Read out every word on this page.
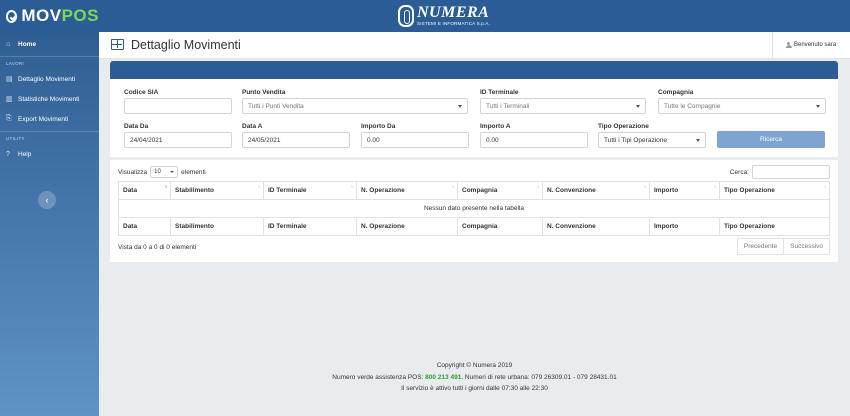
MOV POS	NUMERA
SISTEMI E INFORMATICA S.p.A.
⌂	Home
LAVORI
▤ Dettaglio Movimenti
▥ Statistiche Movimenti
⎘ Export Movimenti
UTILITY
?	Help
‹
Dettaglio Movimenti	Benvenuto sara
Codice SIA	Punto Vendita
Tutti i Punti Vendita
ID Terminale
Tutti i Terminali
Compagnia
Tutte le Compagnie
Data Da
24/04/2021
Data A
24/05/2021
Importo Da
0.00
Importo A
0.00
Tipo Operazione
Tutti i Tipi Operazione	Ricerca
Visualizza 10	elementi	Cerca:
Data ↑↓	Stabilimento ↑↓	ID Terminale ↑↓	N. Operazione ↑↓	Compagnia ↑↓	N. Convenzione ↑↓	Importo ↑↓	Tipo Operazione ↑↓

Nessun dato presente nella tabella							
Data	Stabilimento	ID Terminale	N. Operazione	Compagnia	N. Convenzione	Importo	Tipo Operazione
Vista da 0 a 0 di 0 elementi	Precedente	Successivo
Copyright © Numera 2019
Numero verde assistenza POS: 800 213 491. Numeri di rete urbana: 079 26309.01 - 079 28431.01
Il servizio è attivo tutti i giorni dalle 07:30 alle 22:30
